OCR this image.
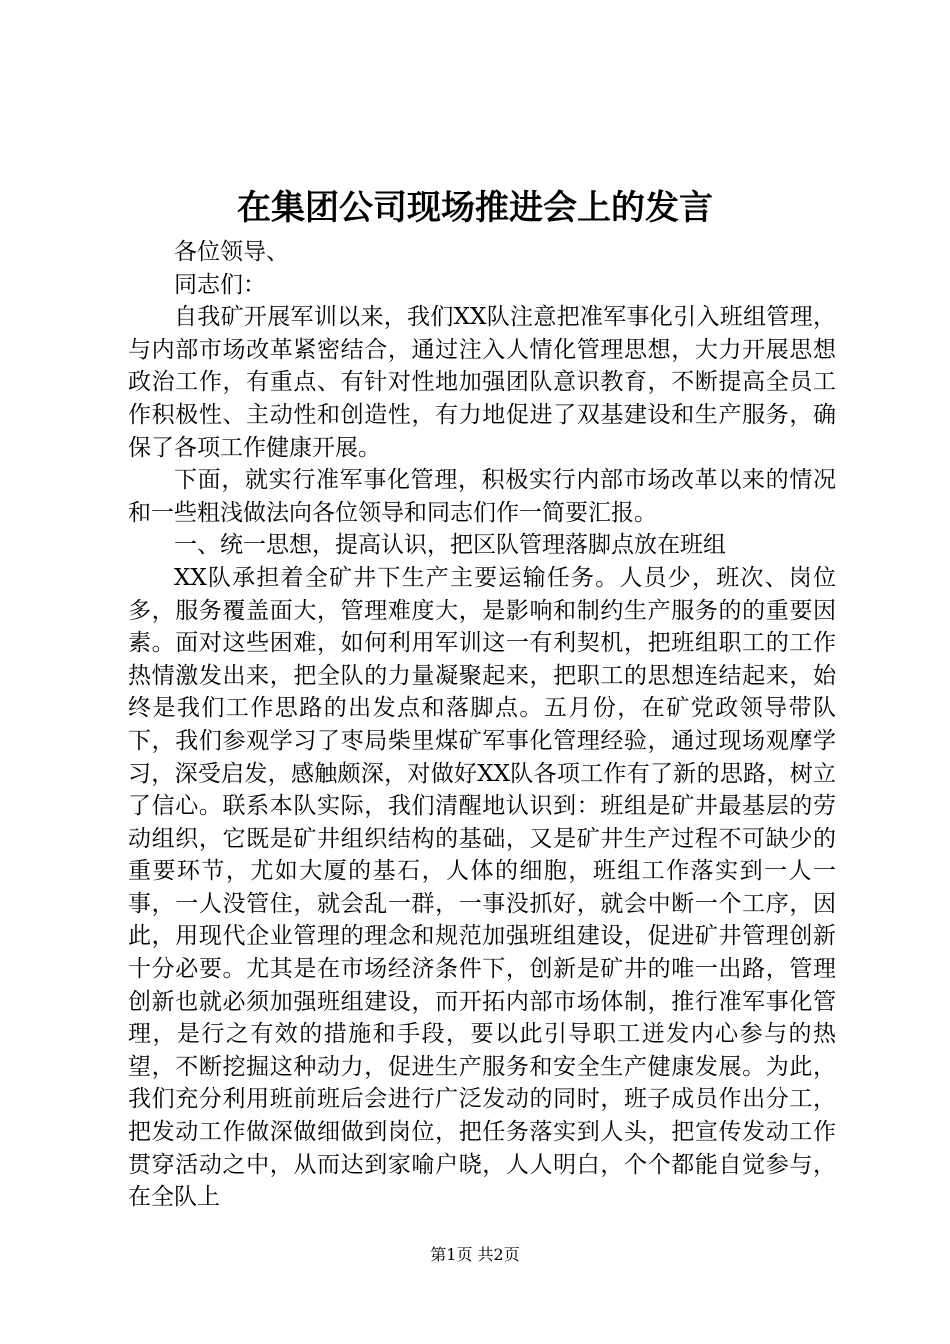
在集团公司现场推进会上的发言

各位领导、

同志们：

自我矿开展军训以来，我们XX队注意把准军事化引入班组管理，与内部市场改革紧密结合，通过注入人情化管理思想，大力开展思想政治工作，有重点、有针对性地加强团队意识教育，不断提高全员工作积极性、主动性和创造性，有力地促进了双基建设和生产服务，确保了各项工作健康开展。

下面，就实行准军事化管理，积极实行内部市场改革以来的情况和一些粗浅做法向各位领导和同志们作一简要汇报。

一、统一思想，提高认识，把区队管理落脚点放在班组

XX队承担着全矿井下生产主要运输任务。人员少，班次、岗位多，服务覆盖面大，管理难度大，是影响和制约生产服务的的重要因素。面对这些困难，如何利用军训这一有利契机，把班组职工的工作热情激发出来，把全队的力量凝聚起来，把职工的思想连结起来，始终是我们工作思路的出发点和落脚点。五月份，在矿党政领导带队下，我们参观学习了枣局柴里煤矿军事化管理经验，通过现场观摩学习，深受启发，感触颇深，对做好XX队各项工作有了新的思路，树立了信心。联系本队实际，我们清醒地认识到：班组是矿井最基层的劳动组织，它既是矿井组织结构的基础，又是矿井生产过程不可缺少的重要环节，尤如大厦的基石，人体的细胞，班组工作落实到一人一事，一人没管住，就会乱一群，一事没抓好，就会中断一个工序，因此，用现代企业管理的理念和规范加强班组建设，促进矿井管理创新十分必要。尤其是在市场经济条件下，创新是矿井的唯一出路，管理创新也就必须加强班组建设，而开拓内部市场体制，推行准军事化管理，是行之有效的措施和手段，要以此引导职工迸发内心参与的热望，不断挖掘这种动力，促进生产服务和安全生产健康发展。为此，我们充分利用班前班后会进行广泛发动的同时，班子成员作出分工，把发动工作做深做细做到岗位，把任务落实到人头，把宣传发动工作贯穿活动之中，从而达到家喻户晓，人人明白，个个都能自觉参与，在全队上

第1页 共2页
